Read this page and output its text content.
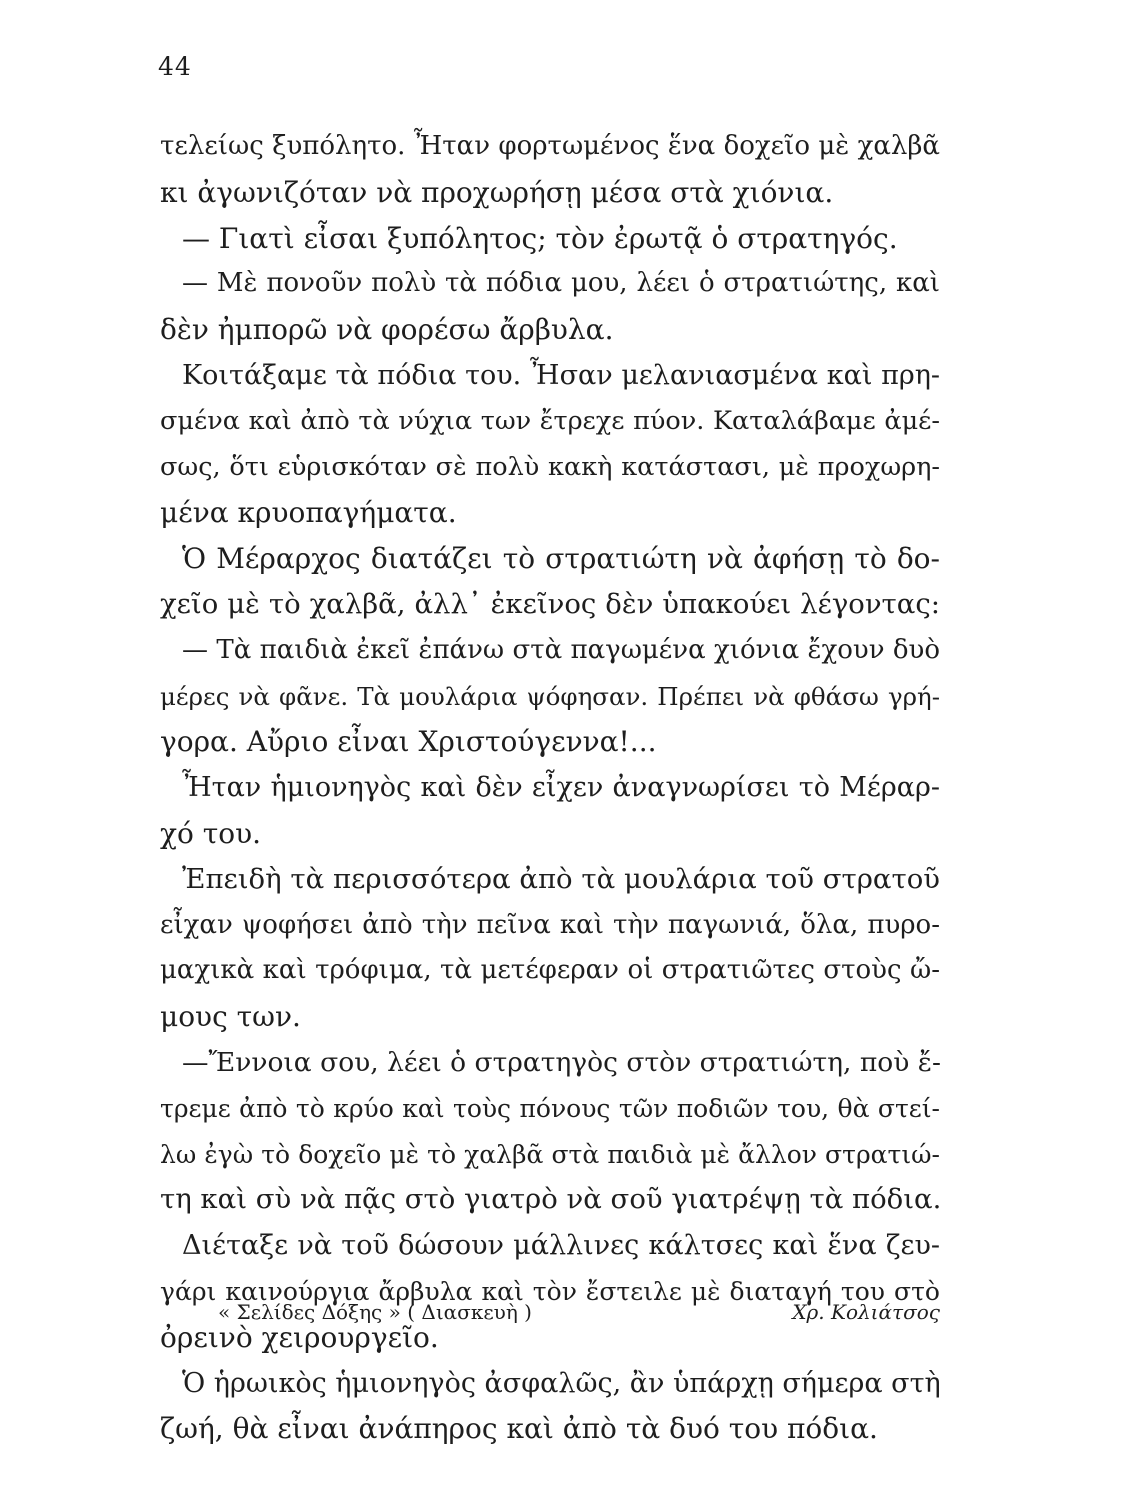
44
τελείως ξυπόλητο. Ἦταν φορτωμένος ἕνα δοχεῖο μὲ χαλβᾶ
κι ἀγωνιζόταν νὰ προχωρήσῃ μέσα στὰ χιόνια.
— Γιατὶ εἶσαι ξυπόλητος; τὸν ἐρωτᾷ ὁ στρατηγός.
— Μὲ πονοῦν πολὺ τὰ πόδια μου, λέει ὁ στρατιώτης, καὶ
δὲν ἠμπορῶ νὰ φορέσω ἄρβυλα.
Κοιτάξαμε τὰ πόδια του. Ἦσαν μελανιασμένα καὶ πρη-
σμένα καὶ ἀπὸ τὰ νύχια των ἔτρεχε πύον. Καταλάβαμε ἀμέ-
σως, ὅτι εὑρισκόταν σὲ πολὺ κακὴ κατάστασι, μὲ προχωρη-
μένα κρυοπαγήματα.
Ὁ Μέραρχος διατάζει τὸ στρατιώτη νὰ ἀφήσῃ τὸ δο-
χεῖο μὲ τὸ χαλβᾶ, ἀλλ᾿ ἐκεῖνος δὲν ὑπακούει λέγοντας:
— Τὰ παιδιὰ ἐκεῖ ἐπάνω στὰ παγωμένα χιόνια ἔχουν δυὸ
μέρες νὰ φᾶνε. Τὰ μουλάρια ψόφησαν. Πρέπει νὰ φθάσω γρή-
γορα. Αὔριο εἶναι Χριστούγεννα!...
Ἦταν ἡμιονηγὸς καὶ δὲν εἶχεν ἀναγνωρίσει τὸ Μέραρ-
χό του.
Ἐπειδὴ τὰ περισσότερα ἀπὸ τὰ μουλάρια τοῦ στρατοῦ
εἶχαν ψοφήσει ἀπὸ τὴν πεῖνα καὶ τὴν παγωνιά, ὅλα, πυρο-
μαχικὰ καὶ τρόφιμα, τὰ μετέφεραν οἱ στρατιῶτες στοὺς ὤ-
μους των.
—Ἔννοια σου, λέει ὁ στρατηγὸς στὸν στρατιώτη, ποὺ ἔ-
τρεμε ἀπὸ τὸ κρύο καὶ τοὺς πόνους τῶν ποδιῶν του, θὰ στεί-
λω ἐγὼ τὸ δοχεῖο μὲ τὸ χαλβᾶ στὰ παιδιὰ μὲ ἄλλον στρατιώ-
τη καὶ σὺ νὰ πᾷς στὸ γιατρὸ νὰ σοῦ γιατρέψῃ τὰ πόδια.
Διέταξε νὰ τοῦ δώσουν μάλλινες κάλτσες καὶ ἕνα ζευ-
γάρι καινούργια ἄρβυλα καὶ τὸν ἔστειλε μὲ διαταγή του στὸ
ὀρεινὸ χειρουργεῖο.
Ὁ ἡρωικὸς ἡμιονηγὸς ἀσφαλῶς, ἂν ὑπάρχῃ σήμερα στὴ
ζωή, θὰ εἶναι ἀνάπηρος καὶ ἀπὸ τὰ δυό του πόδια.
« Σελίδες Δόξης » ( Διασκευὴ )	Χρ. Κολιάτσος
